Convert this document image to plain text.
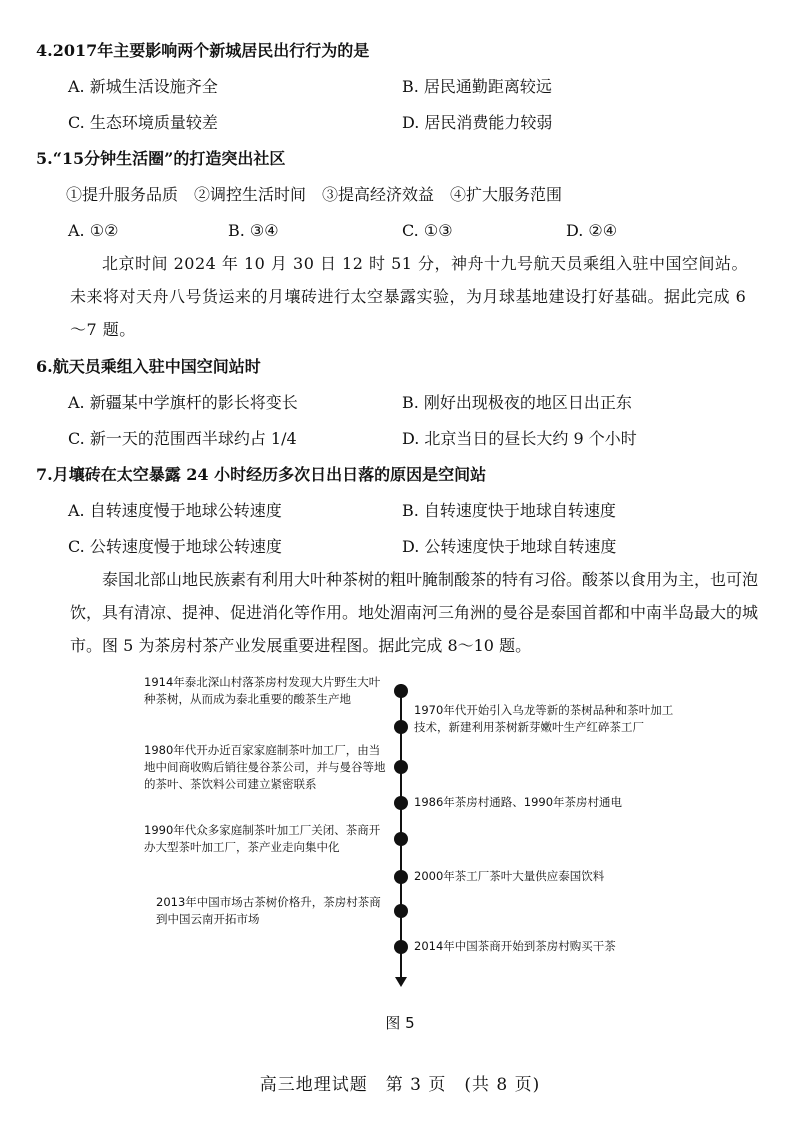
4.2017年主要影响两个新城居民出行行为的是
A. 新城生活设施齐全	B. 居民通勤距离较远
C. 生态环境质量较差	D. 居民消费能力较弱
5.“15分钟生活圈”的打造突出社区
①提升服务品质　②调控生活时间　③提高经济效益　④扩大服务范围
A. ①②	B. ③④	C. ①③	D. ②④
北京时间 2024 年 10 月 30 日 12 时 51 分，神舟十九号航天员乘组入驻中国空间站。未来将对天舟八号货运来的月壤砖进行太空暴露实验，为月球基地建设打好基础。据此完成 6～7 题。
6.航天员乘组入驻中国空间站时
A. 新疆某中学旗杆的影长将变长	B. 刚好出现极夜的地区日出正东
C. 新一天的范围西半球约占 1/4	D. 北京当日的昼长大约 9 个小时
7.月壤砖在太空暴露 24 小时经历多次日出日落的原因是空间站
A. 自转速度慢于地球公转速度	B. 自转速度快于地球自转速度
C. 公转速度慢于地球公转速度	D. 公转速度快于地球自转速度
泰国北部山地民族素有利用大叶种茶树的粗叶腌制酸茶的特有习俗。酸茶以食用为主，也可泡饮，具有清凉、提神、促进消化等作用。地处湄南河三角洲的曼谷是泰国首都和中南半岛最大的城市。图 5 为茶房村茶产业发展重要进程图。据此完成 8～10 题。
1914年泰北深山村落茶房村发现大片野生大叶种茶树，从而成为泰北重要的酸茶生产地
1980年代开办近百家家庭制茶叶加工厂，由当地中间商收购后销往曼谷茶公司，并与曼谷等地的茶叶、茶饮料公司建立紧密联系
1990年代众多家庭制茶叶加工厂关闭、茶商开办大型茶叶加工厂，茶产业走向集中化
2013年中国市场古茶树价格升，茶房村茶商到中国云南开拓市场
1970年代开始引入乌龙等新的茶树品种和茶叶加工技术，新建利用茶树新芽嫩叶生产红碎茶工厂
1986年茶房村通路、1990年茶房村通电
2000年茶工厂茶叶大量供应泰国饮料
2014年中国茶商开始到茶房村购买干茶
图 5
高三地理试题　第 3 页　(共 8 页)
